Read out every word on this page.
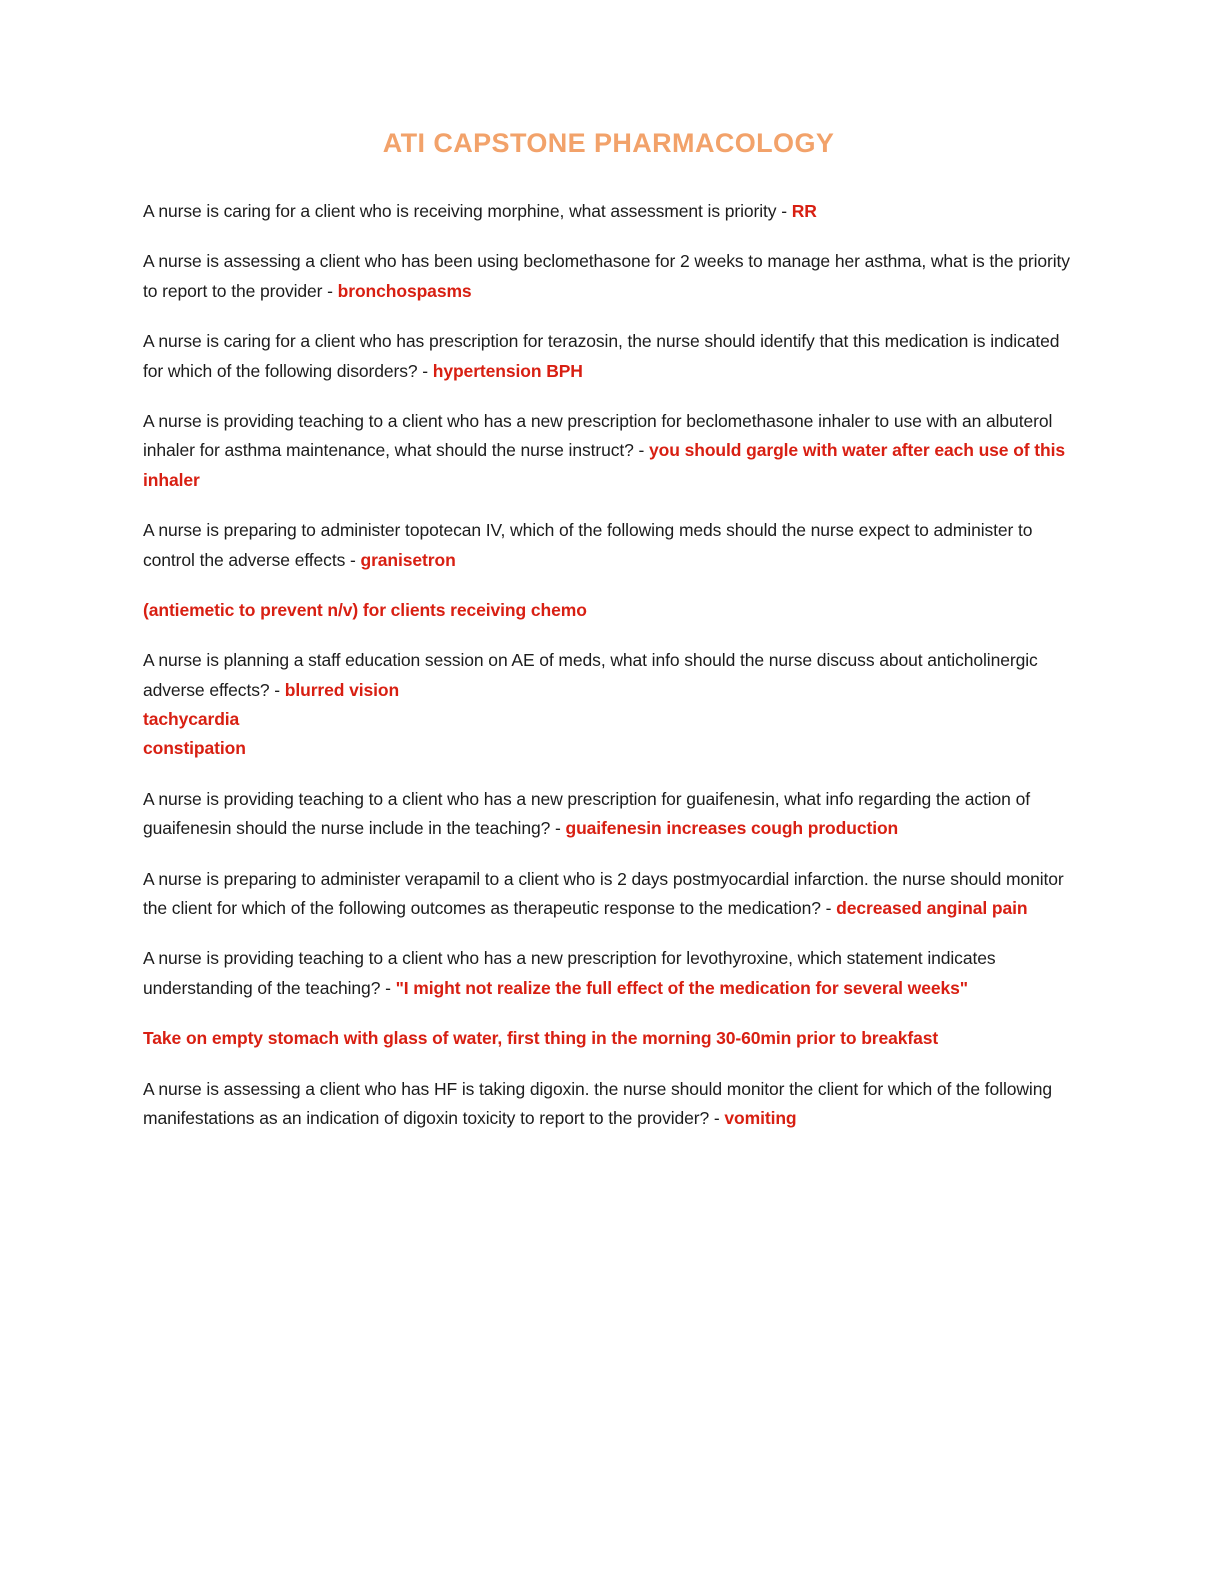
ATI CAPSTONE PHARMACOLOGY
A nurse is caring for a client who is receiving morphine, what assessment is priority - RR
A nurse is assessing a client who has been using beclomethasone for 2 weeks to manage her asthma, what is the priority to report to the provider - bronchospasms
A nurse is caring for a client who has prescription for terazosin, the nurse should identify that this medication is indicated for which of the following disorders? - hypertension BPH
A nurse is providing teaching to a client who has a new prescription for beclomethasone inhaler to use with an albuterol inhaler for asthma maintenance, what should the nurse instruct? - you should gargle with water after each use of this inhaler
A nurse is preparing to administer topotecan IV, which of the following meds should the nurse expect to administer to control the adverse effects - granisetron
(antiemetic to prevent n/v) for clients receiving chemo
A nurse is planning a staff education session on AE of meds, what info should the nurse discuss about anticholinergic adverse effects? - blurred vision
tachycardia
constipation
A nurse is providing teaching to a client who has a new prescription for guaifenesin, what info regarding the action of guaifenesin should the nurse include in the teaching? - guaifenesin increases cough production
A nurse is preparing to administer verapamil to a client who is 2 days postmyocardial infarction. the nurse should monitor the client for which of the following outcomes as therapeutic response to the medication? - decreased anginal pain
A nurse is providing teaching to a client who has a new prescription for levothyroxine, which statement indicates understanding of the teaching? - "I might not realize the full effect of the medication for several weeks"
Take on empty stomach with glass of water, first thing in the morning 30-60min prior to breakfast
A nurse is assessing a client who has HF is taking digoxin. the nurse should monitor the client for which of the following manifestations as an indication of digoxin toxicity to report to the provider? - vomiting
